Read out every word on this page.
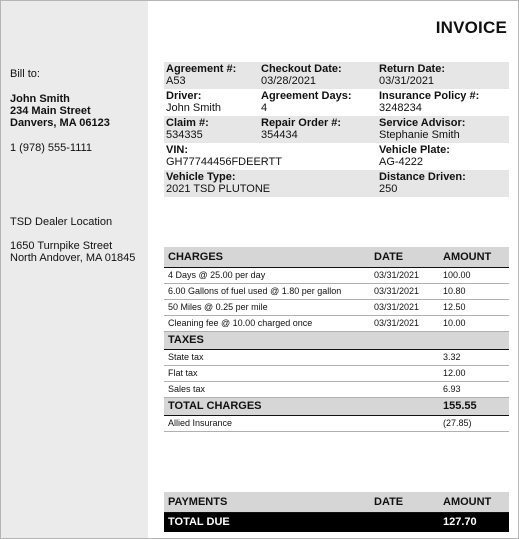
Bill to:
John Smith
234 Main Street
Danvers, MA 06123
1 (978) 555-1111
TSD Dealer Location
1650 Turnpike Street
North Andover, MA 01845
INVOICE
Agreement #:
A53
Checkout Date:
03/28/2021
Return Date:
03/31/2021
Driver:
John Smith
Agreement Days:
4
Insurance Policy #:
3248234
Claim #:
534335
Repair Order #:
354434
Service Advisor:
Stephanie Smith
VIN:
GH77744456FDEERTT
Vehicle Plate:
AG-4222
Vehicle Type:
2021 TSD PLUTONE
Distance Driven:
250
CHARGES	DATE	AMOUNT
4 Days @ 25.00 per day	03/31/2021	100.00
6.00 Gallons of fuel used @ 1.80 per gallon	03/31/2021	10.80
50 Miles @ 0.25 per mile	03/31/2021	12.50
Cleaning fee @ 10.00 charged once	03/31/2021	10.00
TAXES		
State tax		3.32
Flat tax		12.00
Sales tax		6.93
TOTAL CHARGES		155.55
Allied Insurance		(27.85)
PAYMENTS	DATE	AMOUNT
TOTAL DUE		127.70
